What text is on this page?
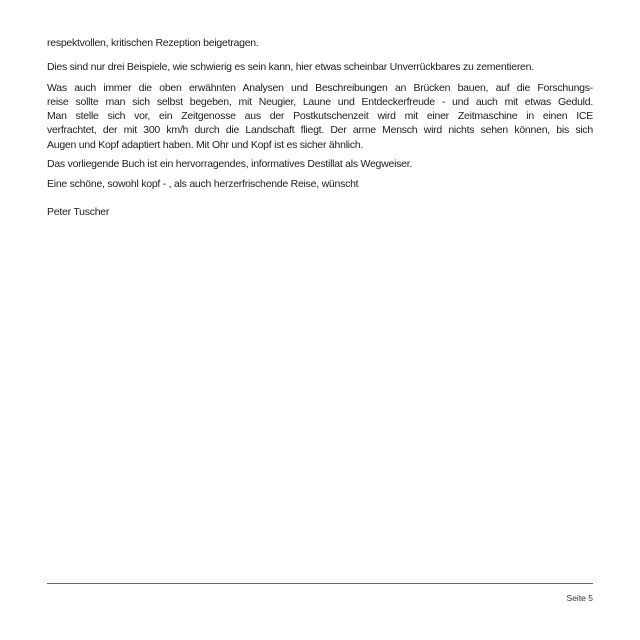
respektvollen, kritischen Rezeption beigetragen.

Dies sind nur drei Beispiele, wie schwierig es sein kann, hier etwas scheinbar Unverrückbares zu zementieren.

Was auch immer die oben erwähnten Analysen und Beschreibungen an Brücken bauen, auf die Forschungs-
reise sollte man sich selbst begeben, mit Neugier, Laune und Entdeckerfreude - und auch mit etwas Geduld.
Man stelle sich vor, ein Zeitgenosse aus der Postkutschenzeit wird mit einer Zeitmaschine in einen ICE
verfrachtet, der mit 300 km/h durch die Landschaft fliegt. Der arme Mensch wird nichts sehen können, bis sich
Augen und Kopf adaptiert haben. Mit Ohr und Kopf ist es sicher ähnlich.

Das vorliegende Buch ist ein hervorragendes, informatives Destillat als Wegweiser.

Eine schöne, sowohl kopf - , als auch herzerfrischende Reise, wünscht

Peter Tuscher

Seite 5
